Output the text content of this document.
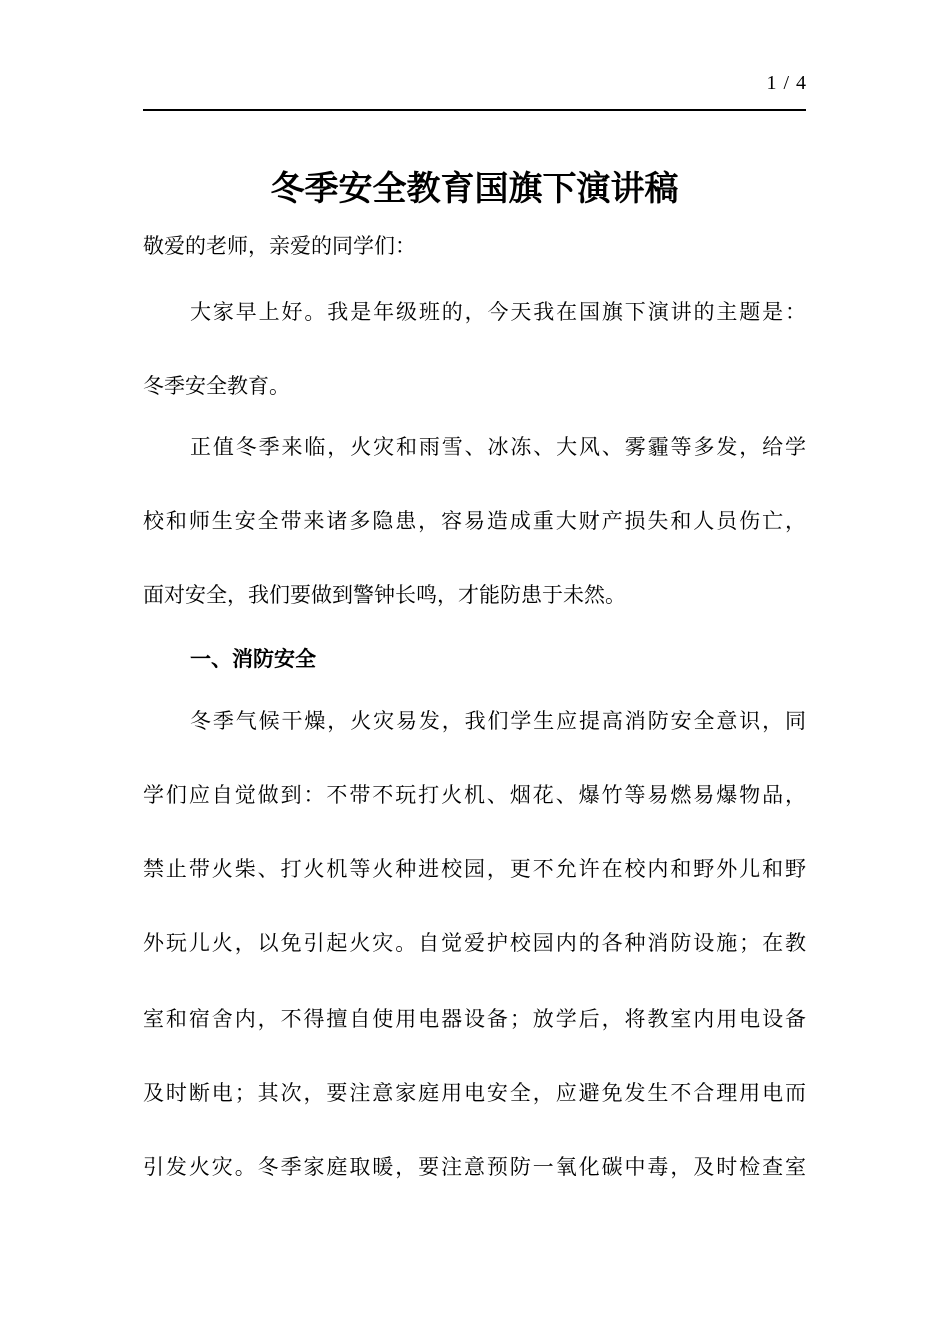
1 / 4
冬季安全教育国旗下演讲稿

敬爱的老师，亲爱的同学们：

大家早上好。我是年级班的，今天我在国旗下演讲的主题是：

冬季安全教育。

正值冬季来临，火灾和雨雪、冰冻、大风、雾霾等多发，给学

校和师生安全带来诸多隐患，容易造成重大财产损失和人员伤亡，

面对安全，我们要做到警钟长鸣，才能防患于未然。

一、消防安全

冬季气候干燥，火灾易发，我们学生应提高消防安全意识，同

学们应自觉做到：不带不玩打火机、烟花、爆竹等易燃易爆物品，

禁止带火柴、打火机等火种进校园，更不允许在校内和野外儿和野

外玩儿火，以免引起火灾。自觉爱护校园内的各种消防设施；在教

室和宿舍内，不得擅自使用电器设备；放学后，将教室内用电设备

及时断电；其次，要注意家庭用电安全，应避免发生不合理用电而

引发火灾。冬季家庭取暖，要注意预防一氧化碳中毒，及时检查室
